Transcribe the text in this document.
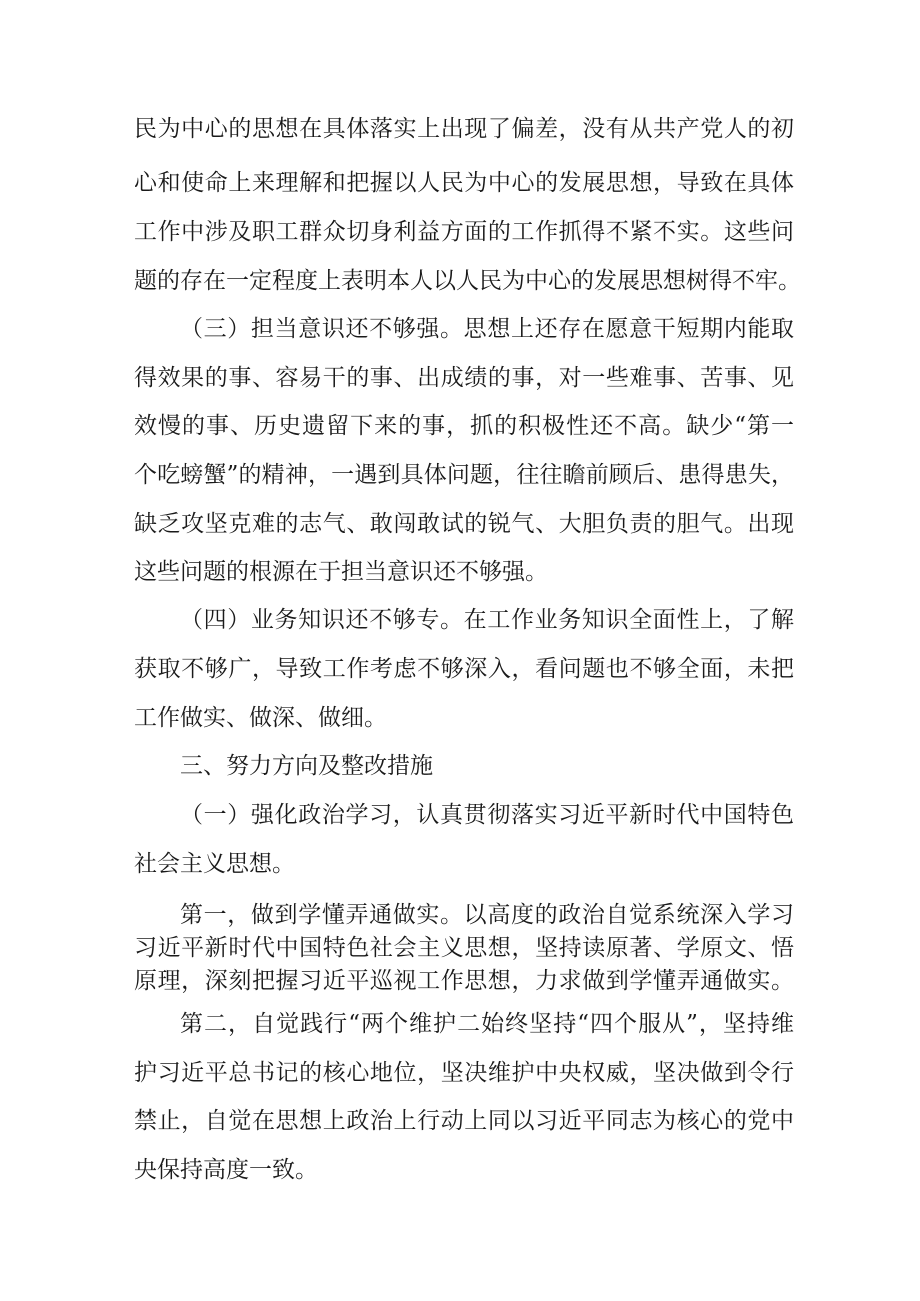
民为中心的思想在具体落实上出现了偏差，没有从共产党人的初
心和使命上来理解和把握以人民为中心的发展思想，导致在具体
工作中涉及职工群众切身利益方面的工作抓得不紧不实。这些问
题的存在一定程度上表明本人以人民为中心的发展思想树得不牢。
（三）担当意识还不够强。思想上还存在愿意干短期内能取
得效果的事、容易干的事、出成绩的事，对一些难事、苦事、见
效慢的事、历史遗留下来的事，抓的积极性还不高。缺少“第一
个吃螃蟹”的精神，一遇到具体问题，往往瞻前顾后、患得患失，
缺乏攻坚克难的志气、敢闯敢试的锐气、大胆负责的胆气。出现
这些问题的根源在于担当意识还不够强。
（四）业务知识还不够专。在工作业务知识全面性上，了解
获取不够广，导致工作考虑不够深入，看问题也不够全面，未把
工作做实、做深、做细。
三、努力方向及整改措施
（一）强化政治学习，认真贯彻落实习近平新时代中国特色
社会主义思想。
第一，做到学懂弄通做实。以高度的政治自觉系统深入学习
习近平新时代中国特色社会主义思想，坚持读原著、学原文、悟
原理，深刻把握习近平巡视工作思想，力求做到学懂弄通做实。
第二，自觉践行“两个维护二始终坚持“四个服从”，坚持维
护习近平总书记的核心地位，坚决维护中央权威，坚决做到令行
禁止，自觉在思想上政治上行动上同以习近平同志为核心的党中
央保持高度一致。
